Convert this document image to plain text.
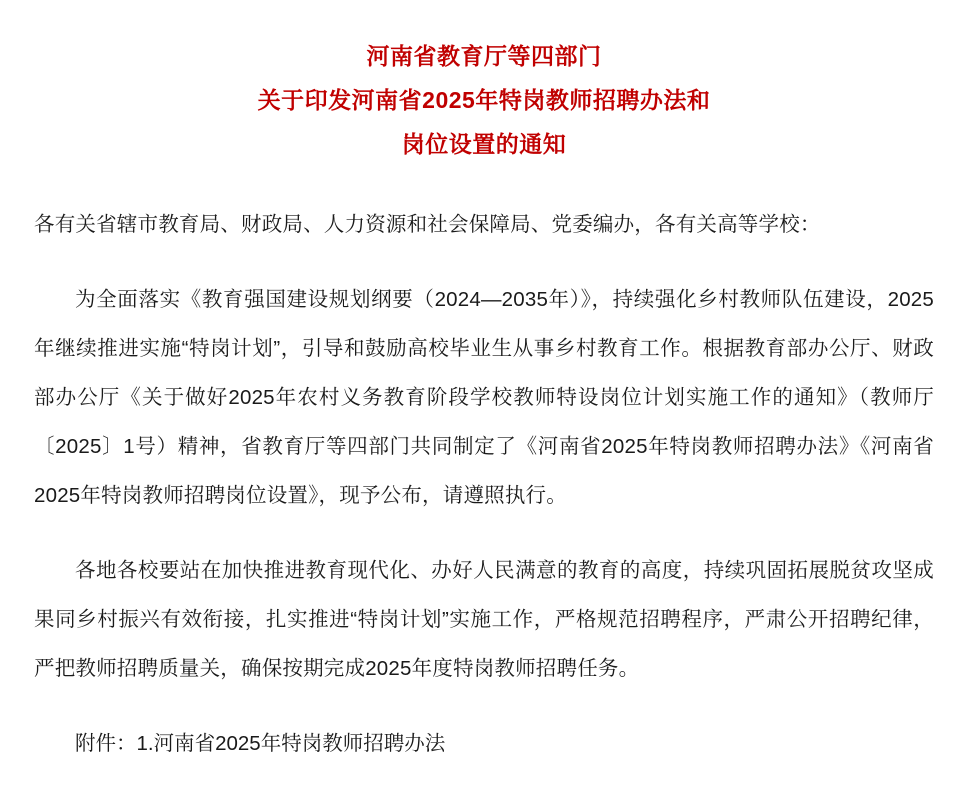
河南省教育厅等四部门
关于印发河南省2025年特岗教师招聘办法和
岗位设置的通知

各有关省辖市教育局、财政局、人力资源和社会保障局、党委编办，各有关高等学校：

为全面落实《教育强国建设规划纲要（2024—2035年）》，持续强化乡村教师队伍建设，2025年继续推进实施“特岗计划”，引导和鼓励高校毕业生从事乡村教育工作。根据教育部办公厅、财政部办公厅《关于做好2025年农村义务教育阶段学校教师特设岗位计划实施工作的通知》（教师厅〔2025〕1号）精神，省教育厅等四部门共同制定了《河南省2025年特岗教师招聘办法》《河南省2025年特岗教师招聘岗位设置》，现予公布，请遵照执行。

各地各校要站在加快推进教育现代化、办好人民满意的教育的高度，持续巩固拓展脱贫攻坚成果同乡村振兴有效衔接，扎实推进“特岗计划”实施工作，严格规范招聘程序，严肃公开招聘纪律，严把教师招聘质量关，确保按期完成2025年度特岗教师招聘任务。

附件：1.河南省2025年特岗教师招聘办法
